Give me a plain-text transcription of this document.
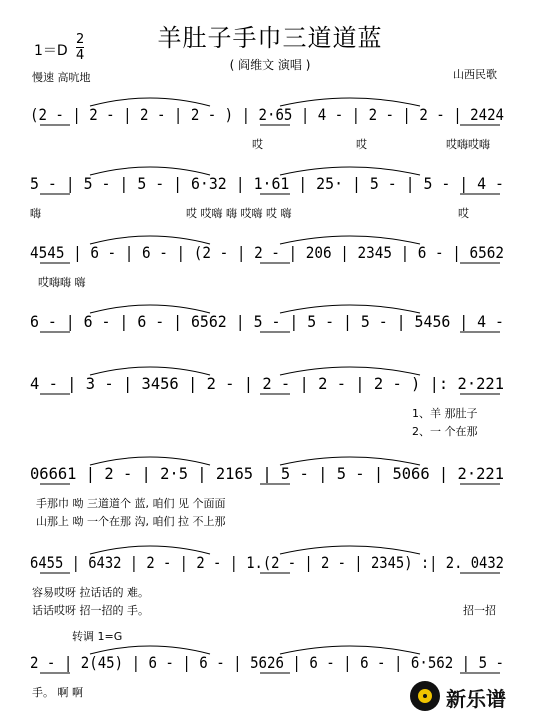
羊肚子手巾三道道蓝
1＝D
2
4
慢速 高吭地
( 阎维文 演唱 )
山西民歌
(2 - | 2 - | 2 - | 2 - ) | 2·65 | 4 - | 2 - | 2 - | 2424
哎	哎	哎嗨哎嗨
5 - | 5 - | 5 - | 6·32 | 1·61 | 25· | 5 - | 5 - | 4 -
嗨	哎 哎嗨 嗨 哎嗨 哎 嗨	哎
4545 | 6 - | 6 - | (2 - | 2 - | 206 | 2345 | 6 - | 6562
哎嗨嗨 嗨
6 - | 6 - | 6 - | 6562 | 5 - | 5 - | 5 - | 5456 | 4 -
4 - | 3 - | 3456 | 2 - | 2 - | 2 - | 2 - ) |: 2·221
1、羊 那肚子
2、一 个在那
06661 | 2 - | 2·5 | 2165 | 5 - | 5 - | 5066 | 2·221
手那巾 呦 三道道个 蓝, 咱们 见 个面面
山那上 呦 一个在那 沟, 咱们 拉 不上那
6455 | 6432 | 2 - | 2 - | 1.(2 - | 2 - | 2345) :| 2. 0432
容易哎呀 拉话话的 难。
话话哎呀 招一招的 手。	招一招
2 - | 2(45) | 6 - | 6 - | 5626 | 6 - | 6 - | 6·562 | 5 -
手。 啊 啊
转调 1=G
新乐谱
